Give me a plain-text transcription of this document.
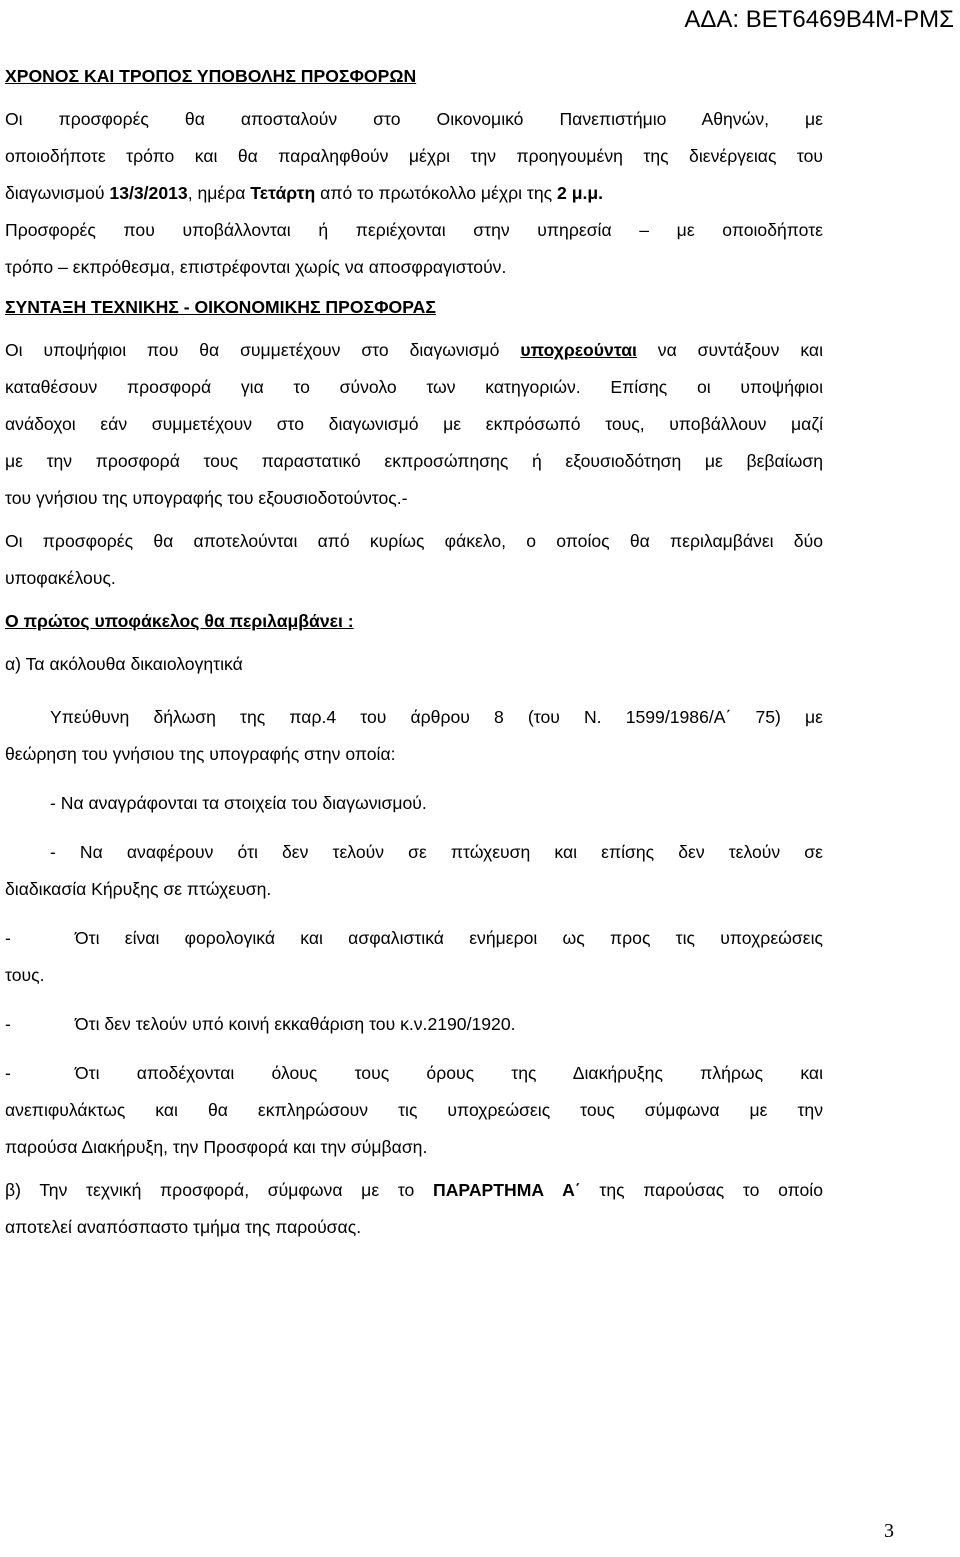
ΑΔΑ: ΒΕΤ6469Β4Μ-ΡΜΣ
ΧΡΟΝΟΣ ΚΑΙ ΤΡΟΠΟΣ ΥΠΟΒΟΛΗΣ ΠΡΟΣΦΟΡΩΝ

Οι προσφορές θα αποσταλούν στο Οικονομικό Πανεπιστήμιο Αθηνών, με

οποιοδήποτε τρόπο και θα παραληφθούν μέχρι την προηγουμένη της διενέργειας του

διαγωνισμού 13/3/2013, ημέρα Τετάρτη από το πρωτόκολλο μέχρι της 2 μ.μ.

Προσφορές που υποβάλλονται ή περιέχονται στην υπηρεσία – με οποιοδήποτε

τρόπο – εκπρόθεσμα, επιστρέφονται χωρίς να αποσφραγιστούν.

ΣΥΝΤΑΞΗ ΤΕΧΝΙΚΗΣ - ΟΙΚΟΝΟΜΙΚΗΣ ΠΡΟΣΦΟΡΑΣ

Οι υποψήφιοι που θα συμμετέχουν στο διαγωνισμό υποχρεούνται να συντάξουν και

καταθέσουν προσφορά για το σύνολο των κατηγοριών. Επίσης οι υποψήφιοι

ανάδοχοι εάν συμμετέχουν στο διαγωνισμό με εκπρόσωπό τους, υποβάλλουν μαζί

με την προσφορά τους παραστατικό εκπροσώπησης ή εξουσιοδότηση με βεβαίωση

του γνήσιου της υπογραφής του εξουσιοδοτούντος.-

Οι προσφορές θα αποτελούνται από κυρίως φάκελο, ο οποίος θα περιλαμβάνει δύο

υποφακέλους.

Ο πρώτος υποφάκελος θα περιλαμβάνει :

α) Τα ακόλουθα δικαιολογητικά

Υπεύθυνη δήλωση της παρ.4 του άρθρου 8 (του Ν. 1599/1986/Α΄ 75) με

θεώρηση του γνήσιου της υπογραφής στην οποία:

- Να αναγράφονται τα στοιχεία του διαγωνισμού.

- Να αναφέρουν ότι δεν τελούν σε πτώχευση και επίσης δεν τελούν σε

διαδικασία Κήρυξης σε πτώχευση.

-	Ότι είναι φορολογικά και ασφαλιστικά ενήμεροι ως προς τις υποχρεώσεις

τους.

-	Ότι δεν τελούν υπό κοινή εκκαθάριση του κ.ν.2190/1920.
-	Ότι αποδέχονται όλους τους όρους της Διακήρυξης πλήρως και

ανεπιφυλάκτως και θα εκπληρώσουν τις υποχρεώσεις τους σύμφωνα με την

παρούσα Διακήρυξη, την Προσφορά και την σύμβαση.

β) Την τεχνική προσφορά, σύμφωνα με το ΠΑΡΑΡΤΗΜΑ Α΄ της παρούσας το οποίο

αποτελεί αναπόσπαστο τμήμα της παρούσας.

3
